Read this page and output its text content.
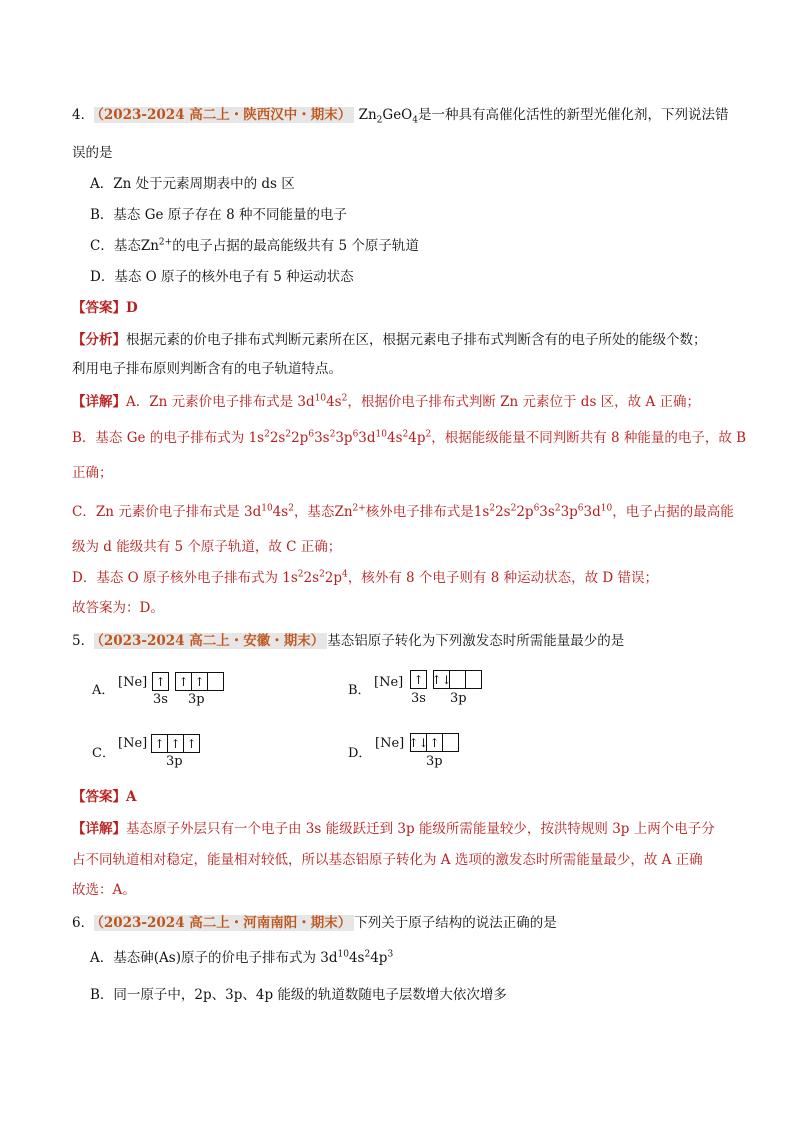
4． （2023-2024 高二上・陕西汉中・期末） $Zn_2GeO_4$是一种具有高催化活性的新型光催化剂，下列说法错
误的是
A．Zn 处于元素周期表中的 ds 区
B．基态 Ge 原子存在 8 种不同能量的电子
C．基态$Zn^{2+}$的电子占据的最高能级共有 5 个原子轨道
D．基态 O 原子的核外电子有 5 种运动状态
【答案】D
【分析】根据元素的价电子排布式判断元素所在区，根据元素电子排布式判断含有的电子所处的能级个数；
利用电子排布原则判断含有的电子轨道特点。
【详解】A．Zn 元素价电子排布式是 $3d^{10}4s^2$，根据价电子排布式判断 Zn 元素位于 ds 区，故 A 正确；
B．基态 Ge 的电子排布式为 $1s^22s^22p^63s^23p^63d^{10}4s^24p^2$，根据能级能量不同判断共有 8 种能量的电子，故 B
正确；
C．Zn 元素价电子排布式是 $3d^{10}4s^2$，基态$Zn^{2+}$核外电子排布式是$1s^22s^22p^63s^23p^63d^{10}$，电子占据的最高能
级为 d 能级共有 5 个原子轨道，故 C 正确；
D．基态 O 原子核外电子排布式为 $1s^22s^22p^4$，核外有 8 个电子则有 8 种运动状态，故 D 错误；
故答案为：D。
5． （2023-2024 高二上・安徽・期末） 基态铝原子转化为下列激发态时所需能量最少的是
A．
[Ne] ↑ ↑ ↑
3s 3p
B．
[Ne] ↑ ↑↓
3s 3p
C．
[Ne] ↑ ↑ ↑
3p
D．
[Ne] ↑↓ ↑
3p
【答案】A
【详解】基态原子外层只有一个电子由 3s 能级跃迁到 3p 能级所需能量较少，按洪特规则 3p 上两个电子分
占不同轨道相对稳定，能量相对较低，所以基态铝原子转化为 A 选项的激发态时所需能量最少，故 A 正确
故选：A。
6． （2023-2024 高二上・河南南阳・期末） 下列关于原子结构的说法正确的是
A．基态砷(As)原子的价电子排布式为 $3d^{10}4s^24p^3$
B．同一原子中，2p、3p、4p 能级的轨道数随电子层数增大依次增多
